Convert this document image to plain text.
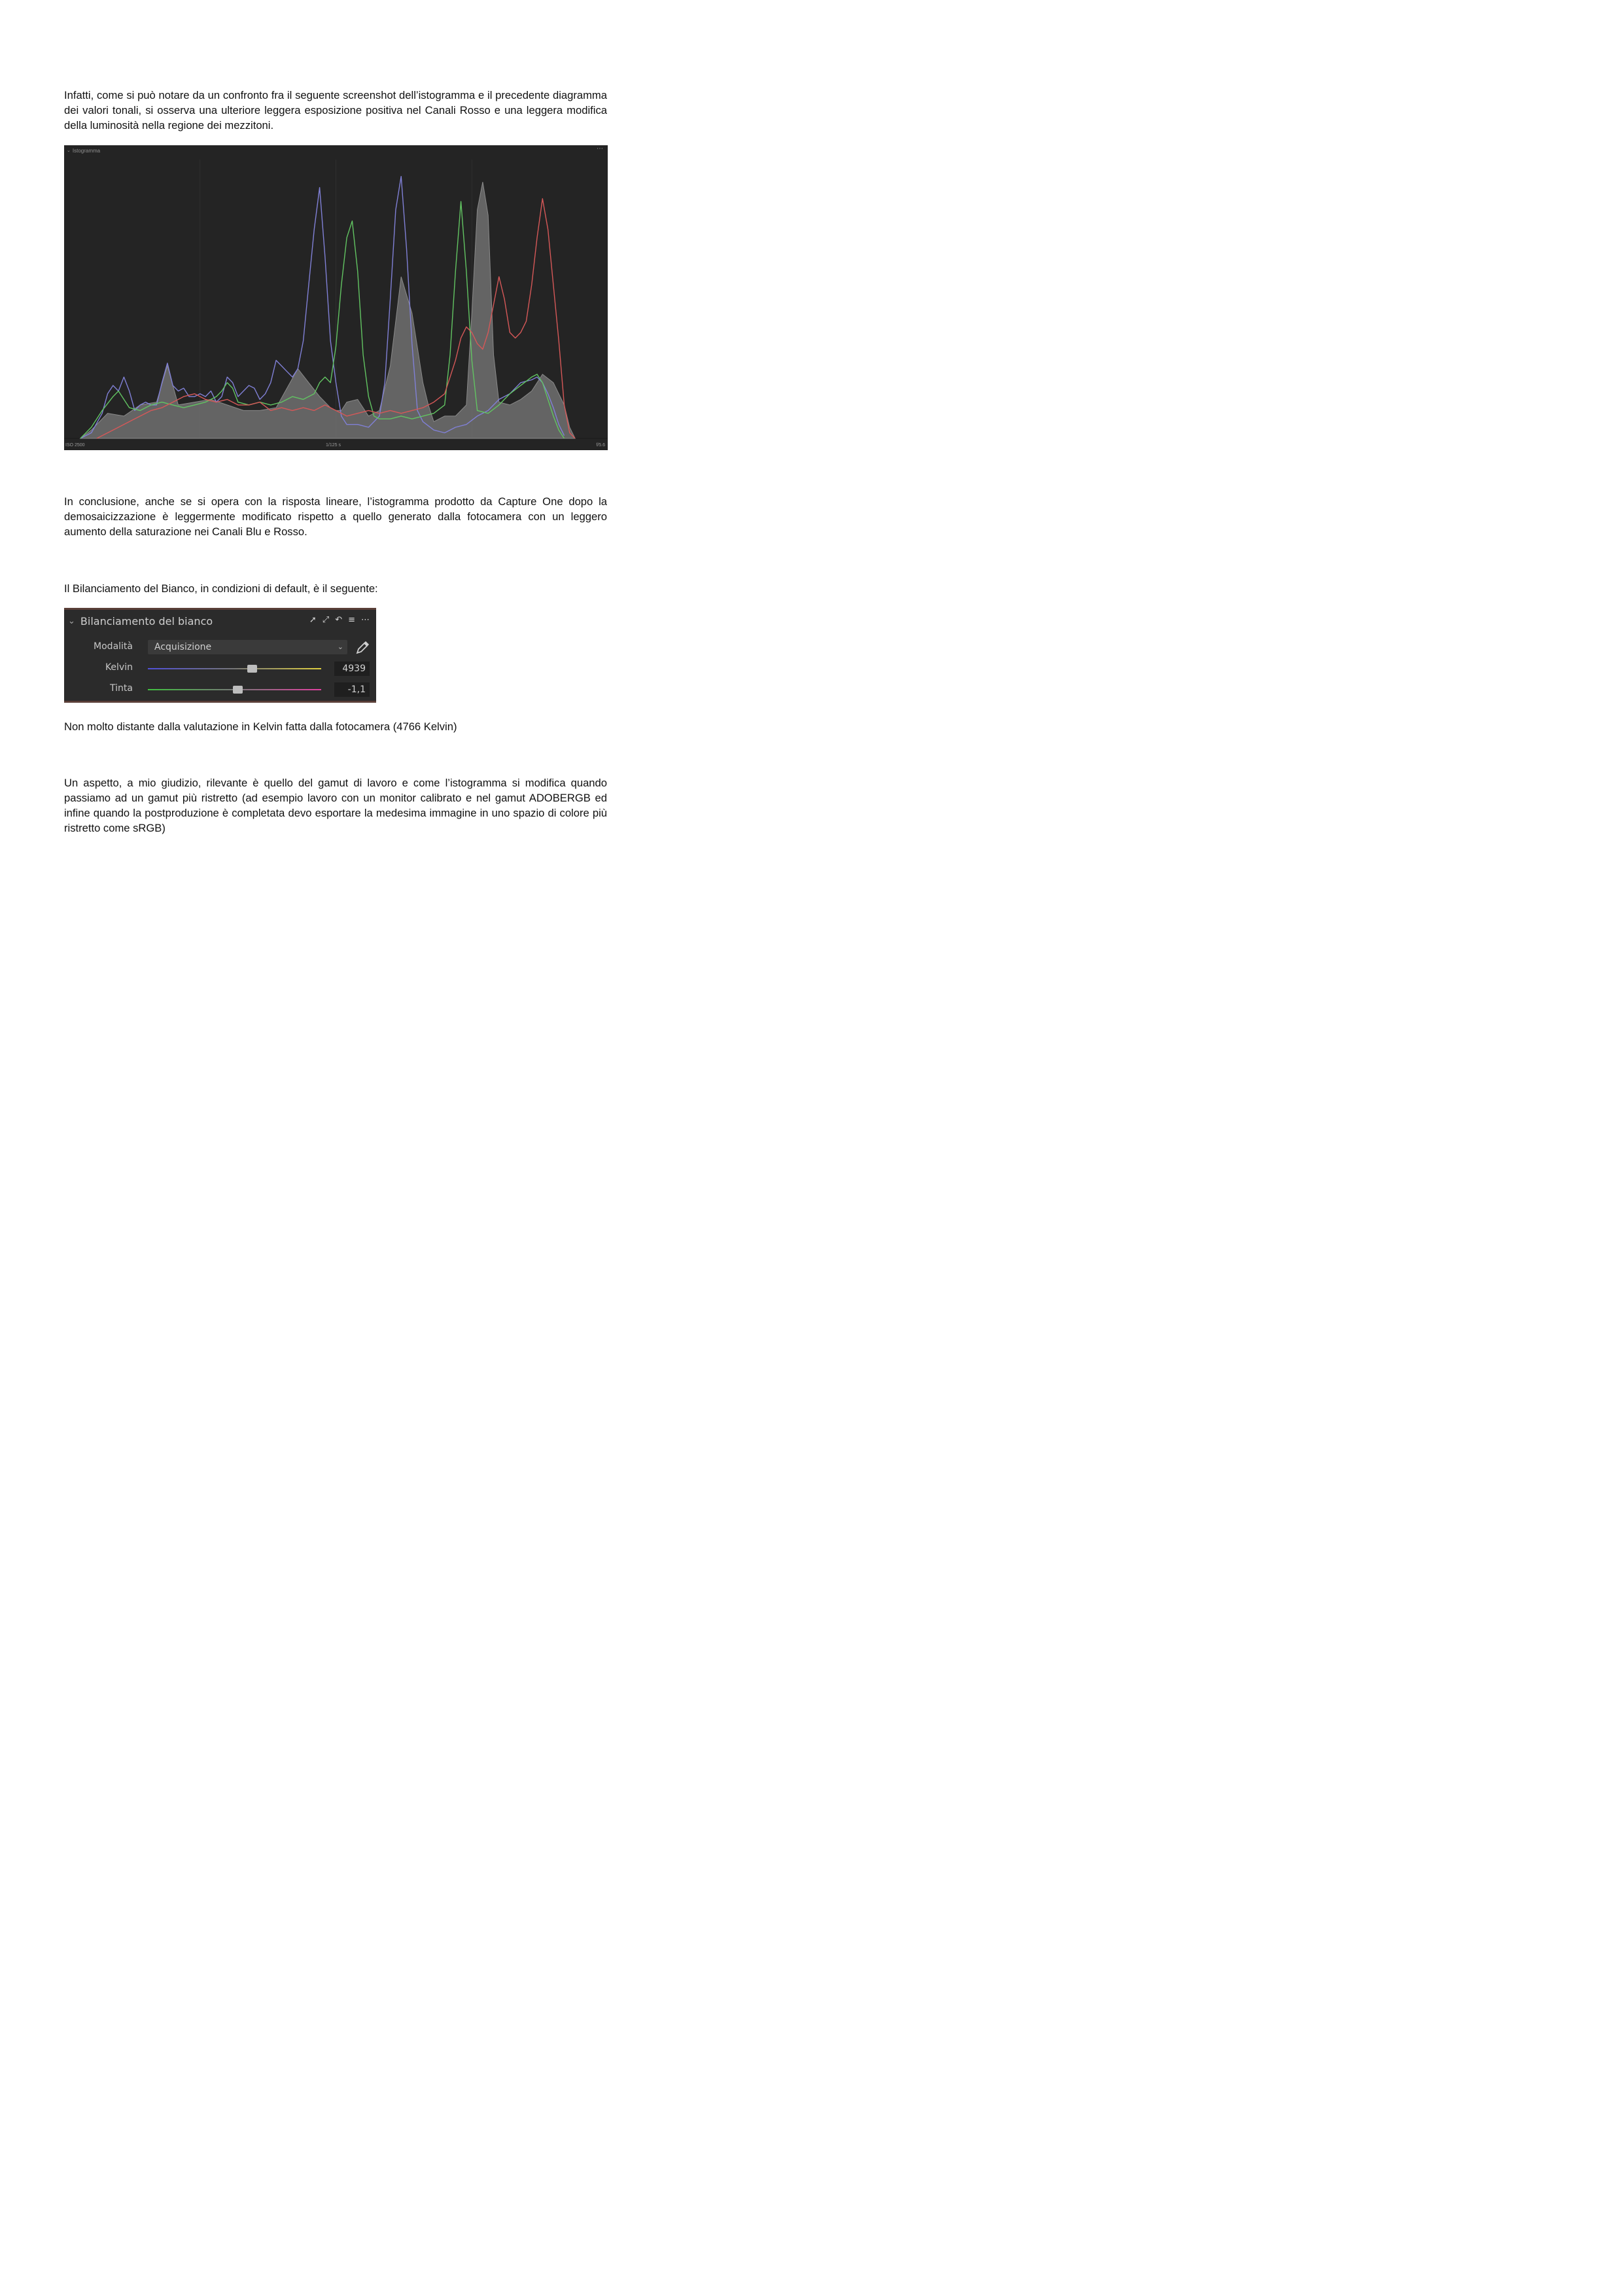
Infatti, come si può notare da un confronto fra il seguente screenshot dell’istogramma e il precedente diagramma dei valori tonali, si osserva una ulteriore leggera esposizione positiva nel Canali Rosso e una leggera modifica della luminosità nella regione dei mezzitoni.

⌄ Istogramma	⋯
ISO 2500	1/125 s	f/5.6

In conclusione, anche se si opera con la risposta lineare, l’istogramma prodotto da Capture One dopo la demosaicizzazione è leggermente modificato rispetto a quello generato dalla fotocamera con un leggero aumento della saturazione nei Canali Blu e Rosso.

Il Bilanciamento del Bianco, in condizioni di default, è il seguente:

⌄ Bilanciamento del bianco	➚ ⤢ ↶ ≡ ⋯
Modalità	Acquisizione	⌄
Kelvin	4939
Tinta	-1,1

Non molto distante dalla valutazione in Kelvin fatta dalla fotocamera (4766 Kelvin)

Un aspetto, a mio giudizio, rilevante è quello del gamut di lavoro e come l’istogramma si modifica quando passiamo ad un gamut più ristretto (ad esempio lavoro con un monitor calibrato e nel gamut ADOBERGB ed infine quando la postproduzione è completata devo esportare la medesima immagine in uno spazio di colore più ristretto come sRGB)
